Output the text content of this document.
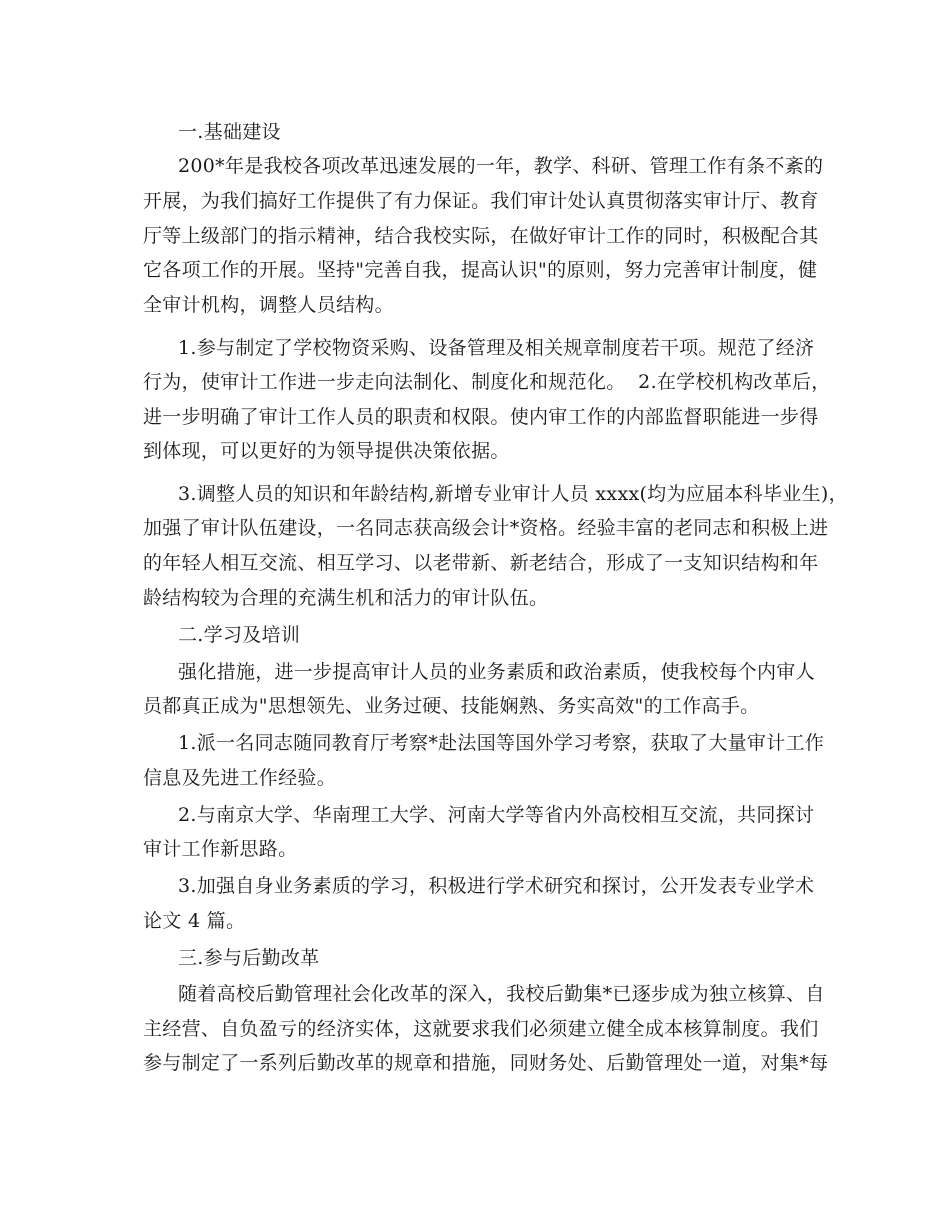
一.基础建设
200*年是我校各项改革迅速发展的一年，教学、科研、管理工作有条不紊的
开展，为我们搞好工作提供了有力保证。我们审计处认真贯彻落实审计厅、教育
厅等上级部门的指示精神，结合我校实际，在做好审计工作的同时，积极配合其
它各项工作的开展。坚持"完善自我，提高认识"的原则，努力完善审计制度，健
全审计机构，调整人员结构。
1.参与制定了学校物资采购、设备管理及相关规章制度若干项。规范了经济
行为，使审计工作进一步走向法制化、制度化和规范化。  2.在学校机构改革后，
进一步明确了审计工作人员的职责和权限。使内审工作的内部监督职能进一步得
到体现，可以更好的为领导提供决策依据。
3.调整人员的知识和年龄结构,新增专业审计人员 xxxx(均为应届本科毕业生)，
加强了审计队伍建设，一名同志获高级会计*资格。经验丰富的老同志和积极上进
的年轻人相互交流、相互学习、以老带新、新老结合，形成了一支知识结构和年
龄结构较为合理的充满生机和活力的审计队伍。
二.学习及培训
强化措施，进一步提高审计人员的业务素质和政治素质，使我校每个内审人
员都真正成为"思想领先、业务过硬、技能娴熟、务实高效"的工作高手。
1.派一名同志随同教育厅考察*赴法国等国外学习考察，获取了大量审计工作
信息及先进工作经验。
2.与南京大学、华南理工大学、河南大学等省内外高校相互交流，共同探讨
审计工作新思路。
3.加强自身业务素质的学习，积极进行学术研究和探讨，公开发表专业学术
论文 4 篇。
三.参与后勤改革
随着高校后勤管理社会化改革的深入，我校后勤集*已逐步成为独立核算、自
主经营、自负盈亏的经济实体，这就要求我们必须建立健全成本核算制度。我们
参与制定了一系列后勤改革的规章和措施，同财务处、后勤管理处一道，对集*每
